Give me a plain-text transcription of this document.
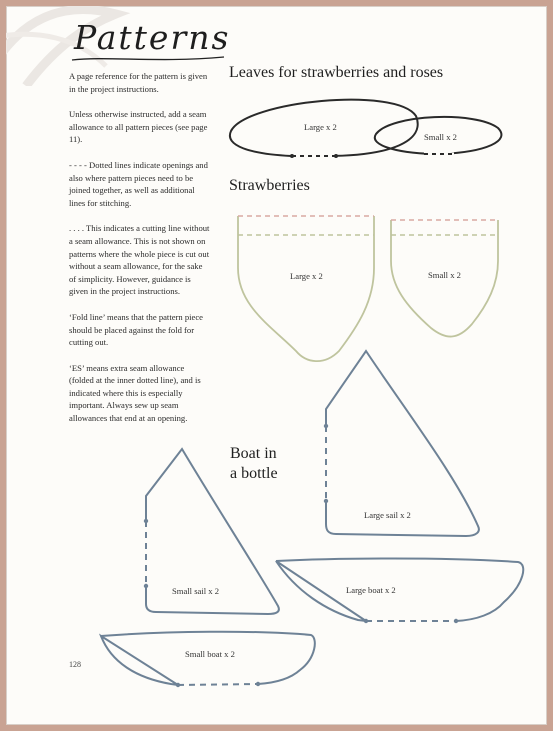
Patterns

A page reference for the pattern is given in the project instructions.

Unless otherwise instructed, add a seam allowance to all pattern pieces (see page 11).

- - - - Dotted lines indicate openings and also where pattern pieces need to be joined together, as well as additional lines for stitching.

. . . . This indicates a cutting line without a seam allowance. This is not shown on patterns where the whole piece is cut out without a seam allowance, for the sake of simplicity. However, guidance is given in the project instructions.

‘Fold line’ means that the pattern piece should be placed against the fold for cutting out.

‘ES’ means extra seam allowance (folded at the inner dotted line), and is indicated where this is especially important. Always sew up seam allowances that end at an opening.

Leaves for strawberries and roses
Strawberries
Boat in
a bottle
Large x 2
Small x 2
Large x 2	Small x 2
Large sail x 2
Small sail x 2	Large boat x 2
Small boat x 2
128
